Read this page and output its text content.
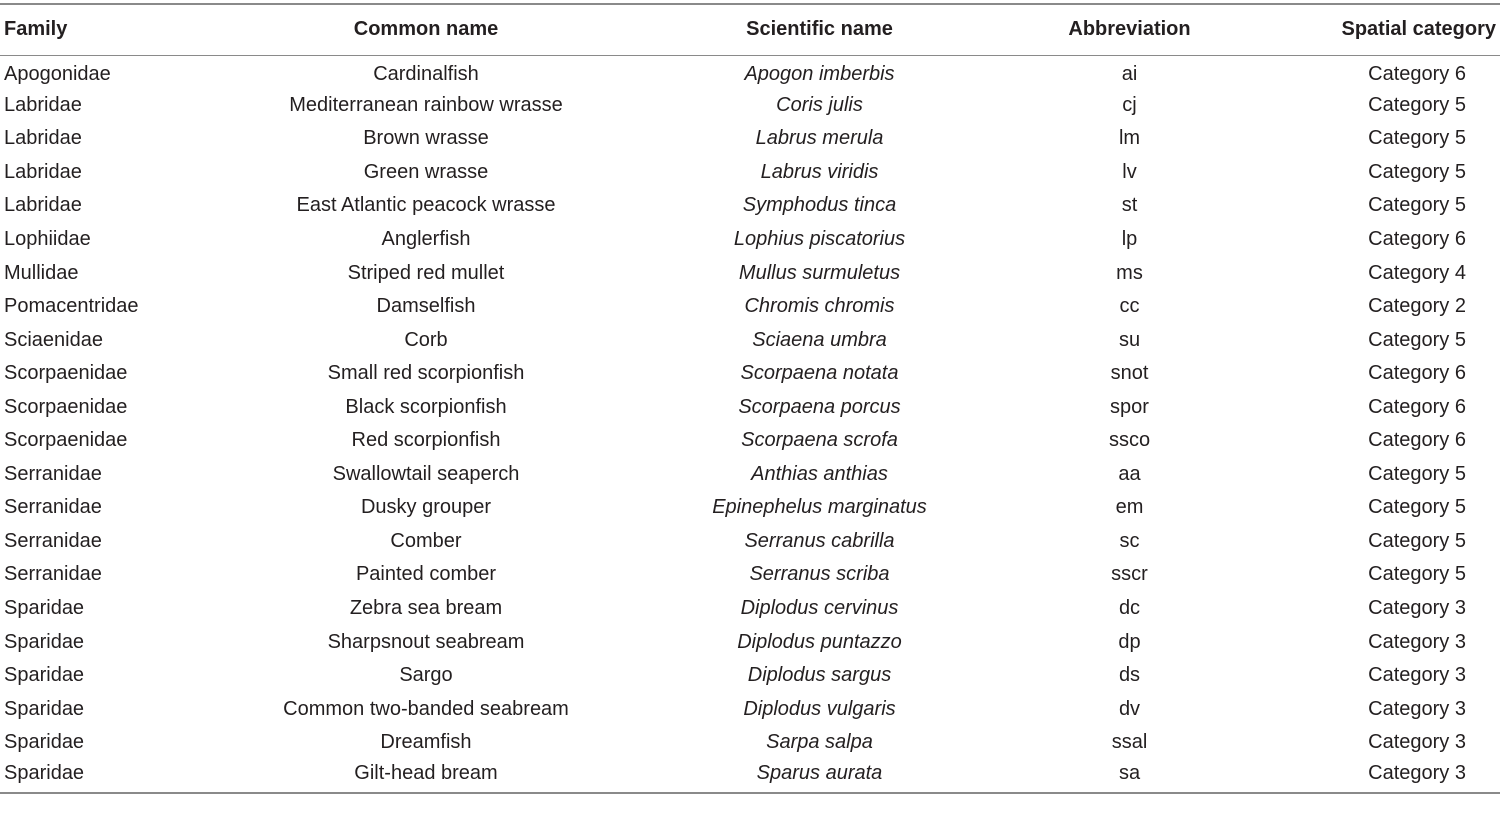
Family	Common name	Scientific name	Abbreviation	Spatial category
Apogonidae	Cardinalfish	Apogon imberbis	ai	Category 6
Labridae	Mediterranean rainbow wrasse	Coris julis	cj	Category 5
Labridae	Brown wrasse	Labrus merula	lm	Category 5
Labridae	Green wrasse	Labrus viridis	lv	Category 5
Labridae	East Atlantic peacock wrasse	Symphodus tinca	st	Category 5
Lophiidae	Anglerfish	Lophius piscatorius	lp	Category 6
Mullidae	Striped red mullet	Mullus surmuletus	ms	Category 4
Pomacentridae	Damselfish	Chromis chromis	cc	Category 2
Sciaenidae	Corb	Sciaena umbra	su	Category 5
Scorpaenidae	Small red scorpionfish	Scorpaena notata	snot	Category 6
Scorpaenidae	Black scorpionfish	Scorpaena porcus	spor	Category 6
Scorpaenidae	Red scorpionfish	Scorpaena scrofa	ssco	Category 6
Serranidae	Swallowtail seaperch	Anthias anthias	aa	Category 5
Serranidae	Dusky grouper	Epinephelus marginatus	em	Category 5
Serranidae	Comber	Serranus cabrilla	sc	Category 5
Serranidae	Painted comber	Serranus scriba	sscr	Category 5
Sparidae	Zebra sea bream	Diplodus cervinus	dc	Category 3
Sparidae	Sharpsnout seabream	Diplodus puntazzo	dp	Category 3
Sparidae	Sargo	Diplodus sargus	ds	Category 3
Sparidae	Common two-banded seabream	Diplodus vulgaris	dv	Category 3
Sparidae	Dreamfish	Sarpa salpa	ssal	Category 3
Sparidae	Gilt-head bream	Sparus aurata	sa	Category 3
